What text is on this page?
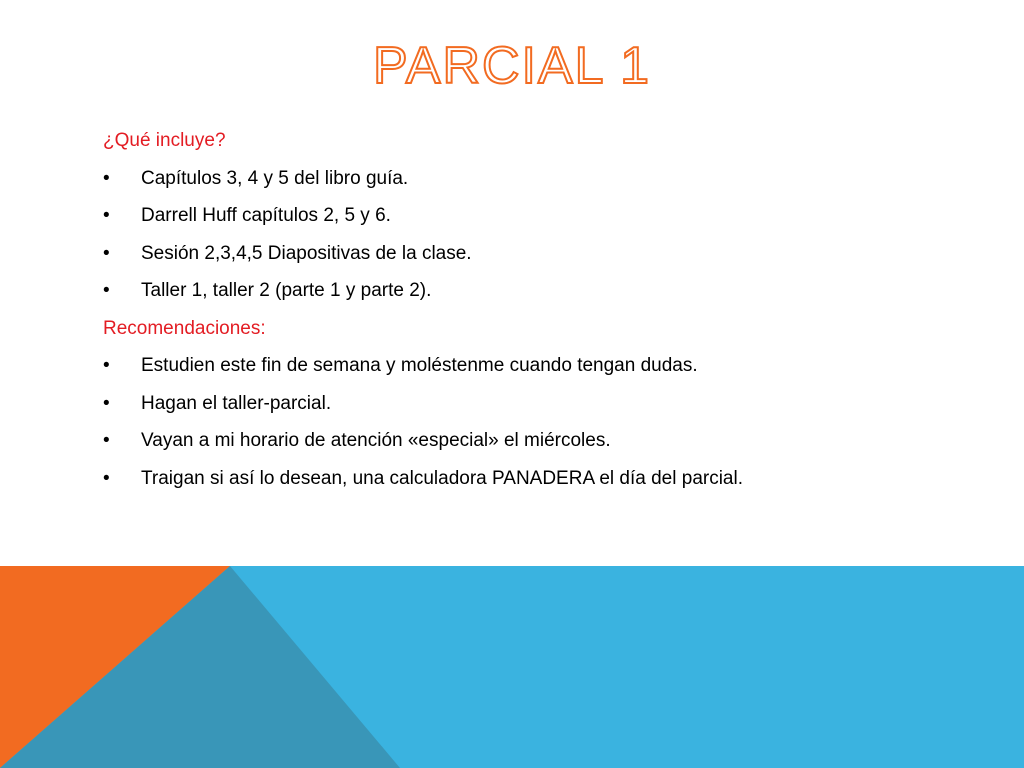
PARCIAL 1
¿Qué incluye?
•	Capítulos 3, 4 y 5 del libro guía.
•	Darrell Huff capítulos 2, 5 y 6.
•	Sesión 2,3,4,5 Diapositivas de la clase.
•	Taller 1, taller 2 (parte 1 y parte 2).
Recomendaciones:
•	Estudien este fin de semana y moléstenme cuando tengan dudas.
•	Hagan el taller-parcial.
•	Vayan a mi horario de atención «especial» el miércoles.
•	Traigan si así lo desean, una calculadora PANADERA el día del parcial.
